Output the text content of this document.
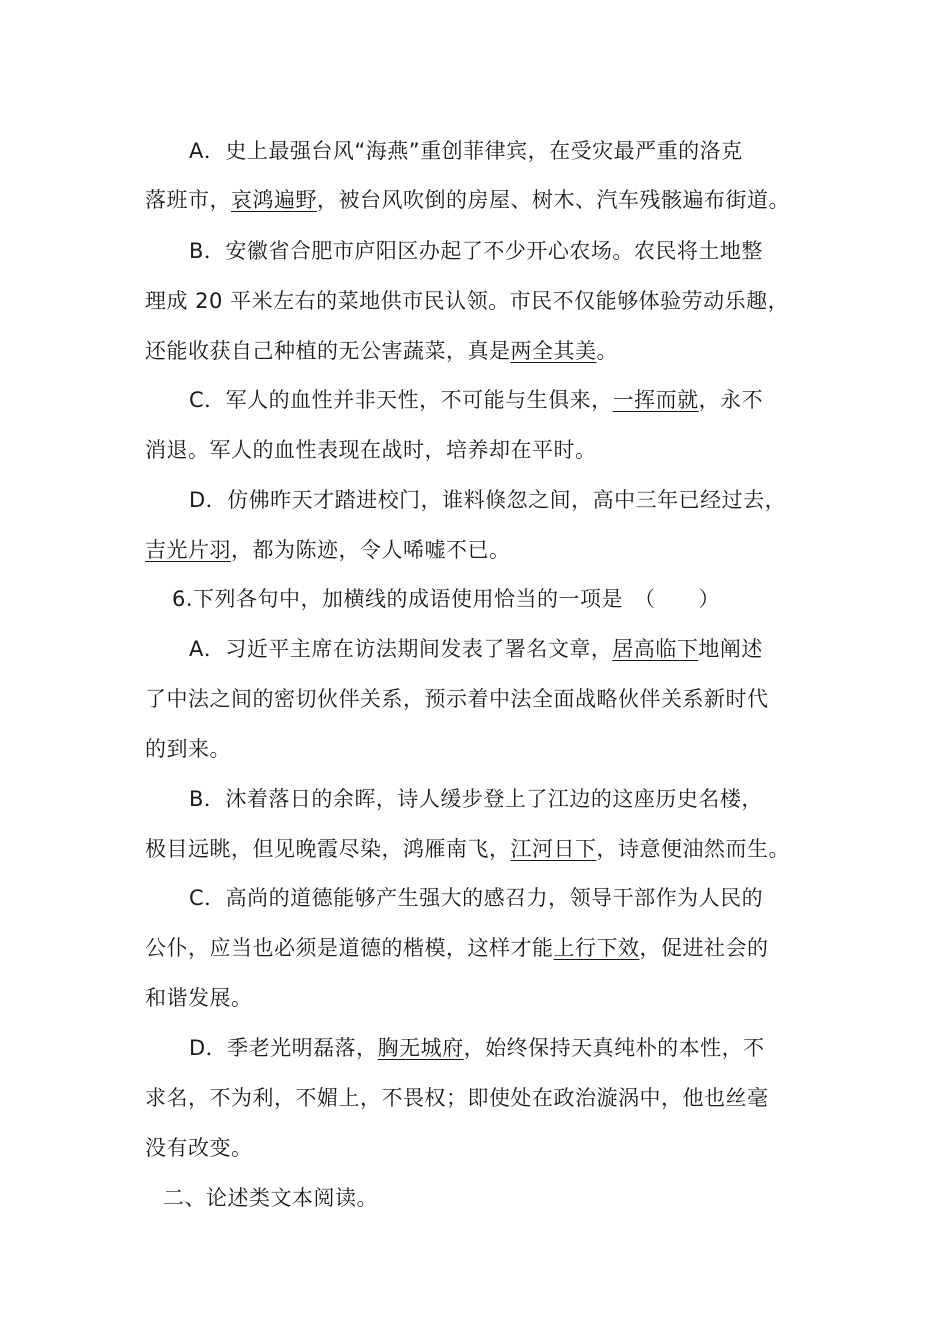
A．史上最强台风“海燕”重创菲律宾，在受灾最严重的洛克
落班市，哀鸿遍野，被台风吹倒的房屋、树木、汽车残骸遍布街道。
B．安徽省合肥市庐阳区办起了不少开心农场。农民将土地整
理成 20 平米左右的菜地供市民认领。市民不仅能够体验劳动乐趣，
还能收获自己种植的无公害蔬菜，真是两全其美。
C．军人的血性并非天性，不可能与生俱来，一挥而就，永不
消退。军人的血性表现在战时，培养却在平时。
D．仿佛昨天才踏进校门，谁料倏忽之间，高中三年已经过去，
吉光片羽，都为陈迹，令人唏嘘不已。
6.下列各句中，加横线的成语使用恰当的一项是　（　　）
A．习近平主席在访法期间发表了署名文章，居高临下地阐述
了中法之间的密切伙伴关系，预示着中法全面战略伙伴关系新时代
的到来。
B．沐着落日的余晖，诗人缓步登上了江边的这座历史名楼，
极目远眺，但见晚霞尽染，鸿雁南飞，江河日下，诗意便油然而生。
C．高尚的道德能够产生强大的感召力，领导干部作为人民的
公仆，应当也必须是道德的楷模，这样才能上行下效，促进社会的
和谐发展。
D．季老光明磊落，胸无城府，始终保持天真纯朴的本性，不
求名，不为利，不媚上，不畏权；即使处在政治漩涡中，他也丝毫
没有改变。
二、论述类文本阅读。
